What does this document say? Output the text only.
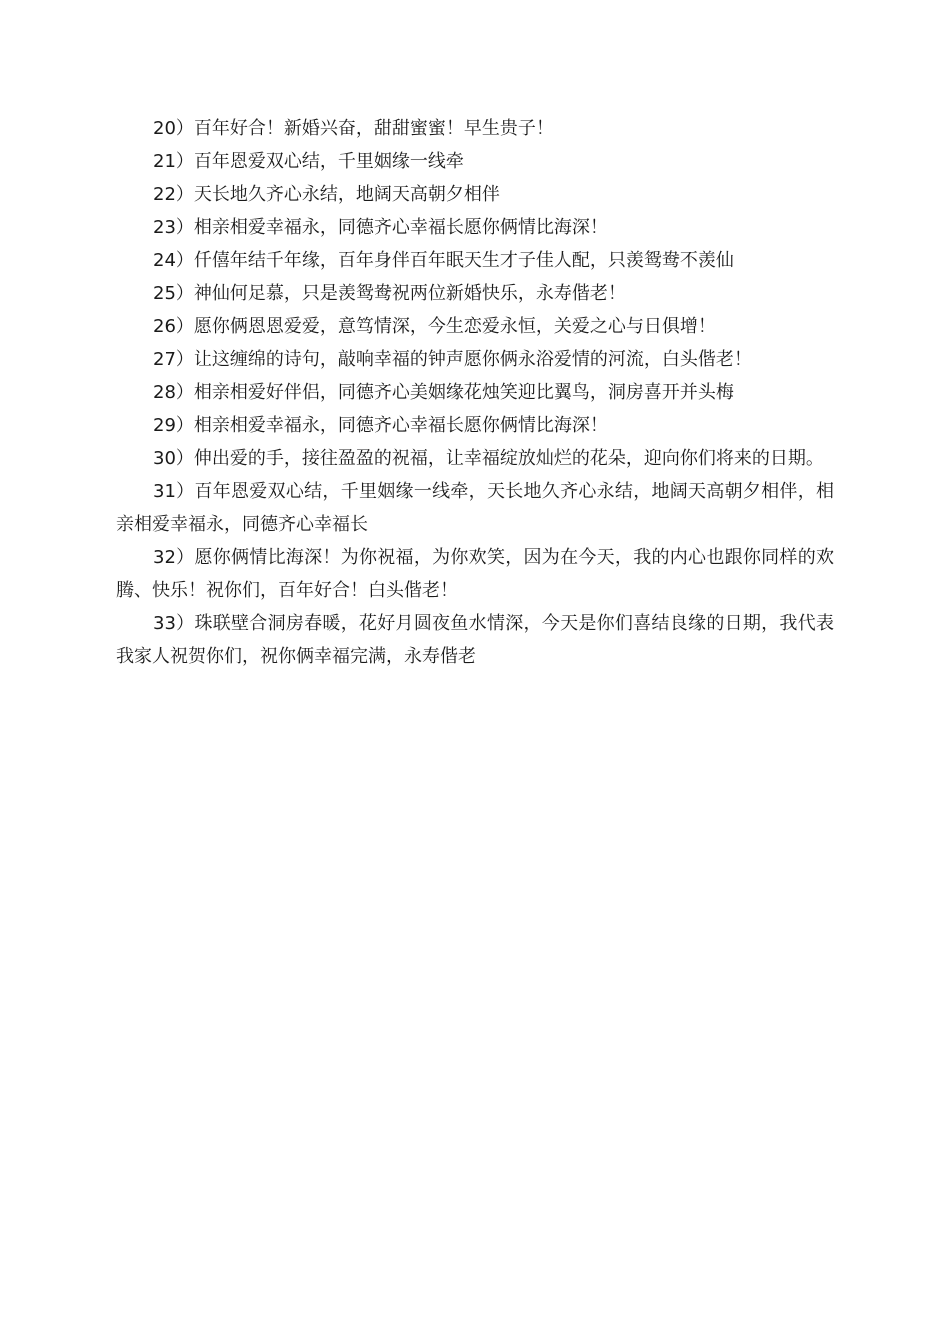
20）百年好合！新婚兴奋，甜甜蜜蜜！早生贵子！

21）百年恩爱双心结，千里姻缘一线牵

22）天长地久齐心永结，地阔天高朝夕相伴

23）相亲相爱幸福永，同德齐心幸福长愿你俩情比海深！

24）仟僖年结千年缘，百年身伴百年眠天生才子佳人配，只羡鸳鸯不羡仙

25）神仙何足慕，只是羡鸳鸯祝两位新婚快乐，永寿偕老！

26）愿你俩恩恩爱爱，意笃情深，今生恋爱永恒，关爱之心与日俱增！

27）让这缠绵的诗句，敲响幸福的钟声愿你俩永浴爱情的河流，白头偕老！

28）相亲相爱好伴侣，同德齐心美姻缘花烛笑迎比翼鸟，洞房喜开并头梅

29）相亲相爱幸福永，同德齐心幸福长愿你俩情比海深！

30）伸出爱的手，接往盈盈的祝福，让幸福绽放灿烂的花朵，迎向你们将来的日期。

31）百年恩爱双心结，千里姻缘一线牵，天长地久齐心永结，地阔天高朝夕相伴，相亲相爱幸福永，同德齐心幸福长

32）愿你俩情比海深！为你祝福，为你欢笑，因为在今天，我的内心也跟你同样的欢腾、快乐！祝你们，百年好合！白头偕老！

33）珠联壁合洞房春暖，花好月圆夜鱼水情深，今天是你们喜结良缘的日期，我代表我家人祝贺你们，祝你俩幸福完满，永寿偕老
